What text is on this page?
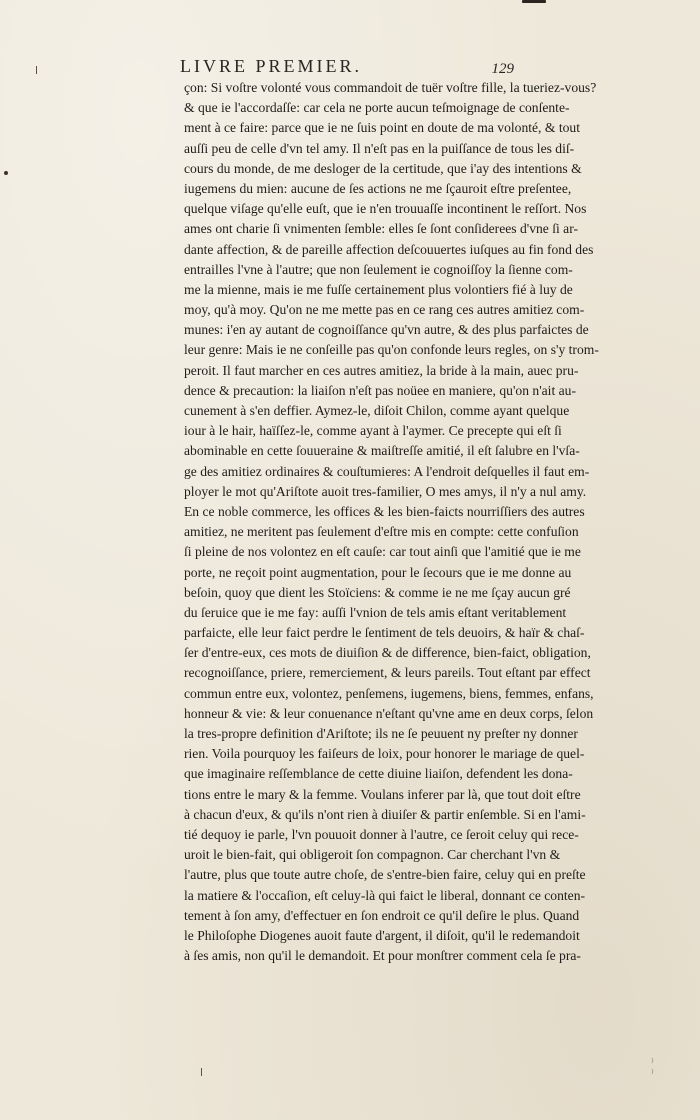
LIVRE PREMIER.	129
çon: Si voſtre volonté vous commandoit de tuër voſtre fille, la tueriez-vous?
& que ie l'accordaſſe: car cela ne porte aucun teſmoignage de conſente-
ment à ce faire: parce que ie ne ſuis point en doute de ma volonté, & tout
auſſi peu de celle d'vn tel amy. Il n'eſt pas en la puiſſance de tous les diſ-
cours du monde, de me desloger de la certitude, que i'ay des intentions &
iugemens du mien: aucune de ſes actions ne me ſçauroit eſtre preſentee,
quelque viſage qu'elle euſt, que ie n'en trouuaſſe incontinent le reſſort. Nos
ames ont charie ſi vnimenten ſemble: elles ſe ſont conſiderees d'vne ſi ar-
dante affection, & de pareille affection deſcouuertes iuſques au fin fond des
entrailles l'vne à l'autre; que non ſeulement ie cognoiſſoy la ſienne com-
me la mienne, mais ie me fuſſe certainement plus volontiers fié à luy de
moy, qu'à moy. Qu'on ne me mette pas en ce rang ces autres amitiez com-
munes: i'en ay autant de cognoiſſance qu'vn autre, & des plus parfaictes de
leur genre: Mais ie ne conſeille pas qu'on confonde leurs regles, on s'y trom-
peroit. Il faut marcher en ces autres amitiez, la bride à la main, auec pru-
dence & precaution: la liaiſon n'eſt pas noüee en maniere, qu'on n'ait au-
cunement à s'en deffier. Aymez-le, diſoit Chilon, comme ayant quelque
iour à le hair, haïſſez-le, comme ayant à l'aymer. Ce precepte qui eſt ſi
abominable en cette ſouueraine & maiſtreſſe amitié, il eſt ſalubre en l'vſa-
ge des amitiez ordinaires & couſtumieres: A l'endroit deſquelles il faut em-
ployer le mot qu'Ariſtote auoit tres-familier, O mes amys, il n'y a nul amy.
En ce noble commerce, les offices & les bien-faicts nourriſſiers des autres
amitiez, ne meritent pas ſeulement d'eſtre mis en compte: cette confuſion
ſi pleine de nos volontez en eſt cauſe: car tout ainſi que l'amitié que ie me
porte, ne reçoit point augmentation, pour le ſecours que ie me donne au
beſoin, quoy que dient les Stoïciens: & comme ie ne me ſçay aucun gré
du ſeruice que ie me fay: auſſi l'vnion de tels amis eſtant veritablement
parfaicte, elle leur faict perdre le ſentiment de tels deuoirs, & haïr & chaſ-
ſer d'entre-eux, ces mots de diuiſion & de difference, bien-faict, obligation,
recognoiſſance, priere, remerciement, & leurs pareils. Tout eſtant par effect
commun entre eux, volontez, penſemens, iugemens, biens, femmes, enfans,
honneur & vie: & leur conuenance n'eſtant qu'vne ame en deux corps, ſelon
la tres-propre definition d'Ariſtote; ils ne ſe peuuent ny preſter ny donner
rien. Voila pourquoy les faiſeurs de loix, pour honorer le mariage de quel-
que imaginaire reſſemblance de cette diuine liaiſon, defendent les dona-
tions entre le mary & la femme. Voulans inferer par là, que tout doit eſtre
à chacun d'eux, & qu'ils n'ont rien à diuiſer & partir enſemble. Si en l'ami-
tié dequoy ie parle, l'vn pouuoit donner à l'autre, ce ſeroit celuy qui rece-
uroit le bien-fait, qui obligeroit ſon compagnon. Car cherchant l'vn &
l'autre, plus que toute autre choſe, de s'entre-bien faire, celuy qui en preſte
la matiere & l'occaſion, eſt celuy-là qui faict le liberal, donnant ce conten-
tement à ſon amy, d'effectuer en ſon endroit ce qu'il deſire le plus. Quand
le Philoſophe Diogenes auoit faute d'argent, il diſoit, qu'il le redemandoit
à ſes amis, non qu'il le demandoit. Et pour monſtrer comment cela ſe pra-
⁾
⁾
